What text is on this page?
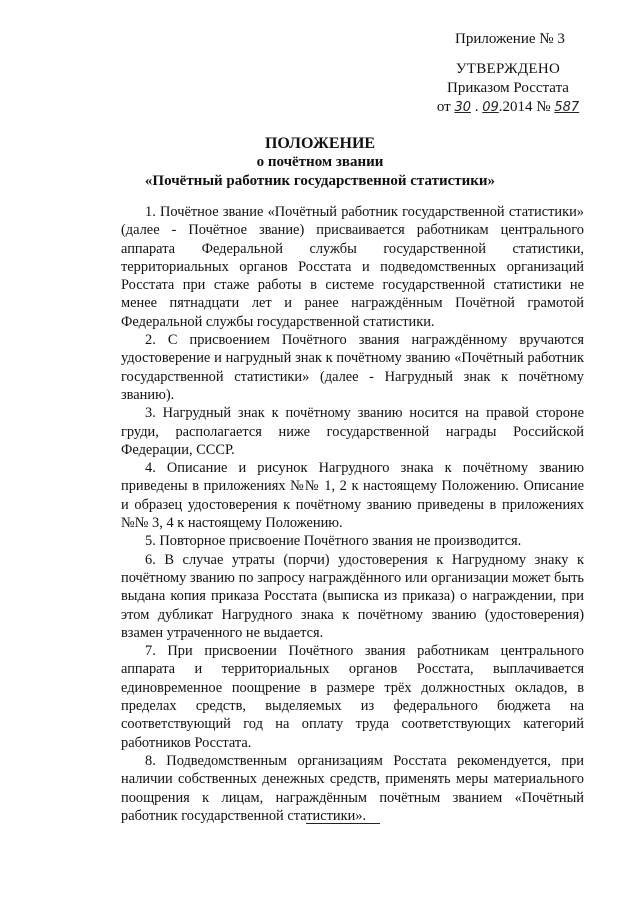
Приложение № 3
УТВЕРЖДЕНО
Приказом Росстата
от 30 . 09.2014 № 587
ПОЛОЖЕНИЕ
о почётном звании
«Почётный работник государственной статистики»

1. Почётное звание «Почётный работник государственной статистики» (далее - Почётное звание) присваивается работникам центрального аппарата Федеральной службы государственной статистики, территориальных органов Росстата и подведомственных организаций Росстата при стаже работы в системе государственной статистики не менее пятнадцати лет и ранее награждённым Почётной грамотой Федеральной службы государственной статистики.

2. С присвоением Почётного звания награждённому вручаются удостоверение и нагрудный знак к почётному званию «Почётный работник государственной статистики» (далее - Нагрудный знак к почётному званию).

3. Нагрудный знак к почётному званию носится на правой стороне груди, располагается ниже государственной награды Российской Федерации, СССР.

4. Описание и рисунок Нагрудного знака к почётному званию приведены в приложениях №№ 1, 2 к настоящему Положению. Описание и образец удостоверения к почётному званию приведены в приложениях №№ 3, 4 к настоящему Положению.

5. Повторное присвоение Почётного звания не производится.

6. В случае утраты (порчи) удостоверения к Нагрудному знаку к почётному званию по запросу награждённого или организации может быть выдана копия приказа Росстата (выписка из приказа) о награждении, при этом дубликат Нагрудного знака к почётному званию (удостоверения) взамен утраченного не выдается.

7. При присвоении Почётного звания работникам центрального аппарата и территориальных органов Росстата, выплачивается единовременное поощрение в размере трёх должностных окладов, в пределах средств, выделяемых из федерального бюджета на соответствующий год на оплату труда соответствующих категорий работников Росстата.

8. Подведомственным организациям Росстата рекомендуется, при наличии собственных денежных средств, применять меры материального поощрения к лицам, награждённым почётным званием «Почётный работник государственной статистики».
